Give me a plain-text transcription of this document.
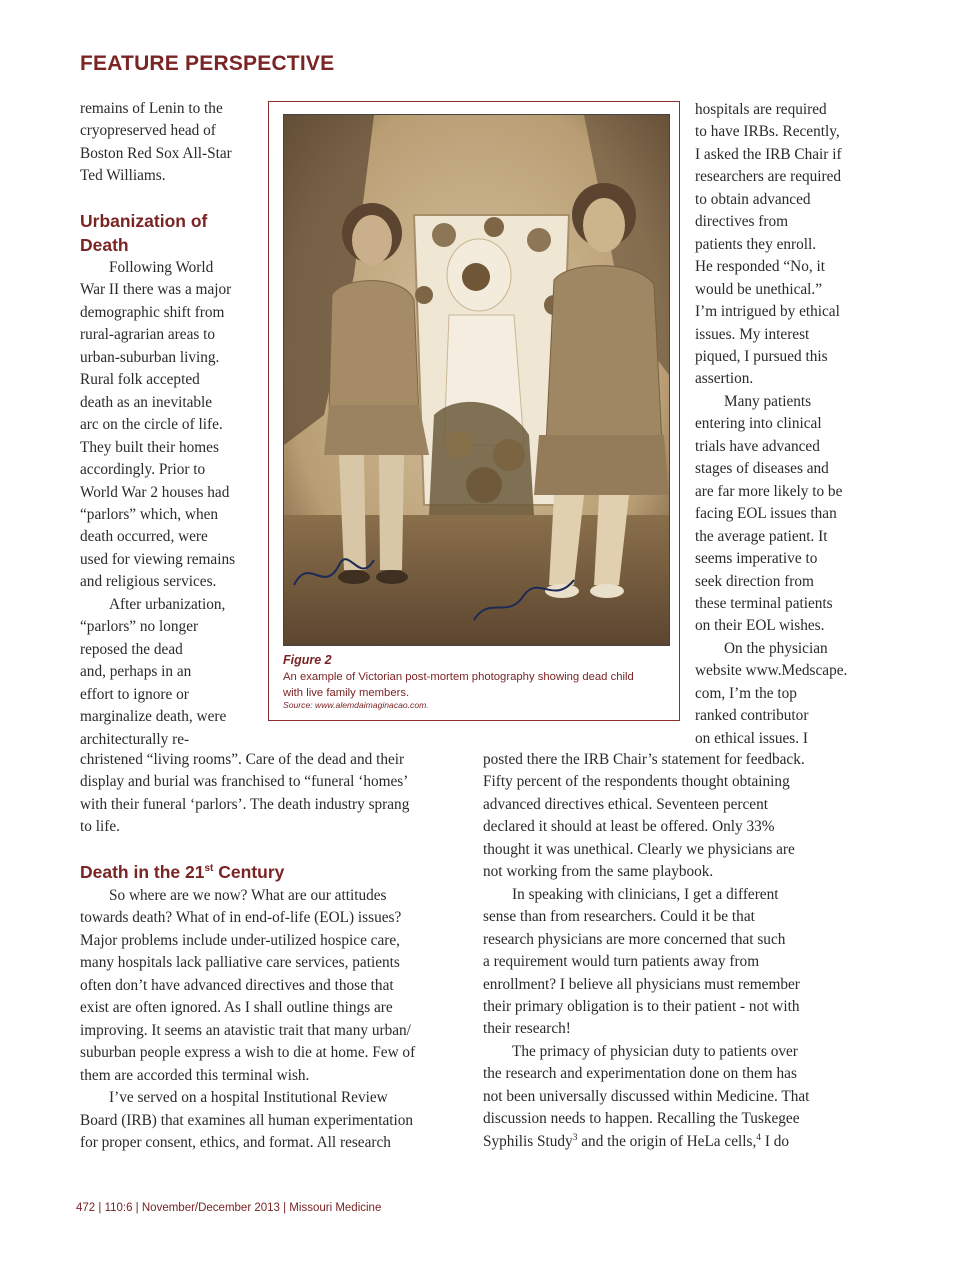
FEATURE PERSPECTIVE
remains of Lenin to the
cryopreserved head of
Boston Red Sox All-Star
Ted Williams.
Urbanization of
Death
Following World
War II there was a major
demographic shift from
rural-agrarian areas to
urban-suburban living.
Rural folk accepted
death as an inevitable
arc on the circle of life.
They built their homes
accordingly. Prior to
World War 2 houses had
“parlors” which, when
death occurred, were
used for viewing remains
and religious services.
After urbanization,
“parlors” no longer
reposed the dead
and, perhaps in an
effort to ignore or
marginalize death, were
architecturally re-
christened “living rooms”. Care of the dead and their
display and burial was franchised to “funeral ‘homes’
with their funeral ‘parlors’. The death industry sprang
to life.
Death in the 21st Century
So where are we now? What are our attitudes
towards death? What of in end-of-life (EOL) issues?
Major problems include under-utilized hospice care,
many hospitals lack palliative care services, patients
often don’t have advanced directives and those that
exist are often ignored. As I shall outline things are
improving. It seems an atavistic trait that many urban/
suburban people express a wish to die at home. Few of
them are accorded this terminal wish.
I’ve served on a hospital Institutional Review
Board (IRB) that examines all human experimentation
for proper consent, ethics, and format. All research
hospitals are required
to have IRBs. Recently,
I asked the IRB Chair if
researchers are required
to obtain advanced
directives from
patients they enroll.
He responded “No, it
would be unethical.”
I’m intrigued by ethical
issues. My interest
piqued, I pursued this
assertion.
Many patients
entering into clinical
trials have advanced
stages of diseases and
are far more likely to be
facing EOL issues than
the average patient. It
seems imperative to
seek direction from
these terminal patients
on their EOL wishes.
On the physician
website www.Medscape.
com, I’m the top
ranked contributor
on ethical issues. I
posted there the IRB Chair’s statement for feedback.
Fifty percent of the respondents thought obtaining
advanced directives ethical. Seventeen percent
declared it should at least be offered. Only 33%
thought it was unethical. Clearly we physicians are
not working from the same playbook.
In speaking with clinicians, I get a different
sense than from researchers. Could it be that
research physicians are more concerned that such
a requirement would turn patients away from
enrollment? I believe all physicians must remember
their primary obligation is to their patient - not with
their research!
The primacy of physician duty to patients over
the research and experimentation done on them has
not been universally discussed within Medicine. That
discussion needs to happen. Recalling the Tuskegee
Syphilis Study$^3$ and the origin of HeLa cells,$^4$ I do
Figure 2
An example of Victorian post-mortem photography showing dead child
with live family members.
Source: www.alemdaimaginacao.com.
472 | 110:6 | November/December 2013 | Missouri Medicine
